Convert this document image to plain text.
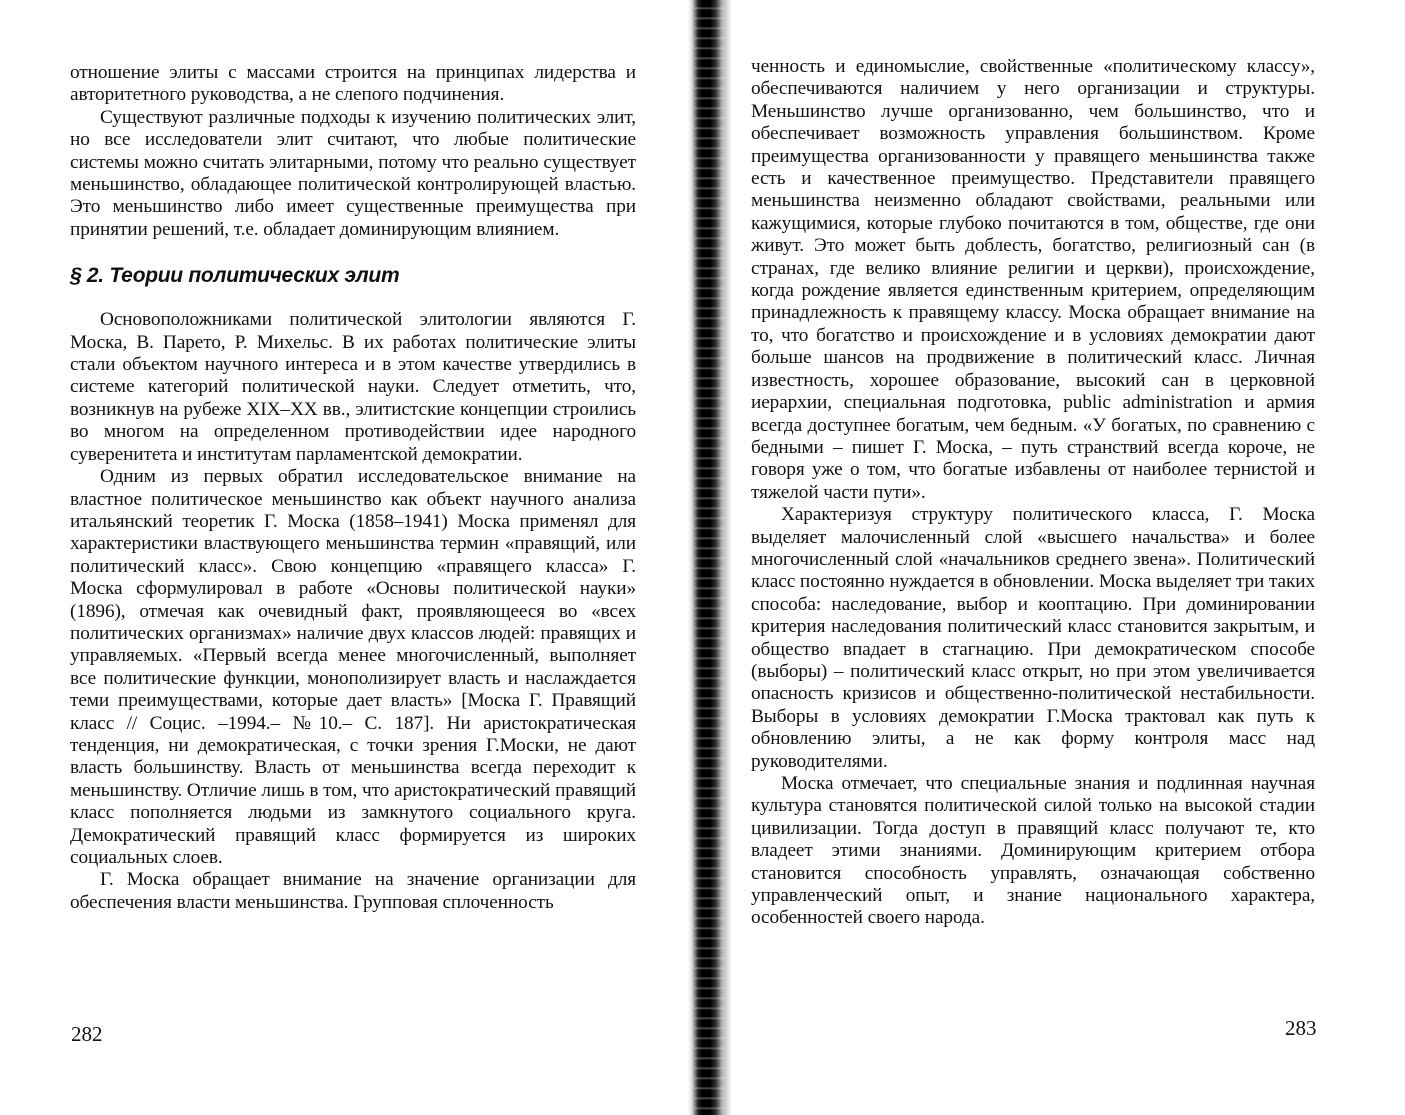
отношение элиты с массами строится на принципах лидерства и авторитетного руководства, а не слепого подчинения.

Существуют различные подходы к изучению политических элит, но все исследователи элит считают, что любые политические системы можно считать элитарными, потому что реально существует меньшинство, обладающее политической контролирующей властью. Это меньшинство либо имеет существенные преимущества при принятии решений, т.е. обладает доминирующим влиянием.

§ 2. Теории политических элит

Основоположниками политической элитологии являются Г. Моска, В. Парето, Р. Михельс. В их работах политические элиты стали объектом научного интереса и в этом качестве утвердились в системе категорий политической науки. Следует отметить, что, возникнув на рубеже XIX–XX вв., элитистские концепции строились во многом на определенном противодействии идее народного суверенитета и институтам парламентской демократии.

Одним из первых обратил исследовательское внимание на властное политическое меньшинство как объект научного анализа итальянский теоретик Г. Моска (1858–1941) Моска применял для характеристики властвующего меньшинства термин «правящий, или политический класс». Свою концепцию «правящего класса» Г. Моска сформулировал в работе «Основы политической науки» (1896), отмечая как очевидный факт, проявляющееся во «всех политических организмах» наличие двух классов людей: правящих и управляемых. «Первый всегда менее многочисленный, выполняет все политические функции, монополизирует власть и наслаждается теми преимуществами, которые дает власть» [Моска Г. Правящий класс // Социс. –1994.– №10.– С. 187]. Ни аристократическая тенденция, ни демократическая, с точки зрения Г.Моски, не дают власть большинству. Власть от меньшинства всегда переходит к меньшинству. Отличие лишь в том, что аристократический правящий класс пополняется людьми из замкнутого социального круга. Демократический правящий класс формируется из широких социальных слоев.

Г. Моска обращает внимание на значение организации для обеспечения власти меньшинства. Групповая сплоченность

282

ченность и единомыслие, свойственные «политическому классу», обеспечиваются наличием у него организации и структуры. Меньшинство лучше организованно, чем большинство, что и обеспечивает возможность управления большинством. Кроме преимущества организованности у правящего меньшинства также есть и качественное преимущество. Представители правящего меньшинства неизменно обладают свойствами, реальными или кажущимися, которые глубоко почитаются в том, обществе, где они живут. Это может быть доблесть, богатство, религиозный сан (в странах, где велико влияние религии и церкви), происхождение, когда рождение является единственным критерием, определяющим принадлежность к правящему классу. Моска обращает внимание на то, что богатство и происхождение и в условиях демократии дают больше шансов на продвижение в политический класс. Личная известность, хорошее образование, высокий сан в церковной иерархии, специальная подготовка, public administration и армия всегда доступнее богатым, чем бедным. «У богатых, по сравнению с бедными – пишет Г. Моска, – путь странствий всегда короче, не говоря уже о том, что богатые избавлены от наиболее тернистой и тяжелой части пути».

Характеризуя структуру политического класса, Г. Моска выделяет малочисленный слой «высшего начальства» и более многочисленный слой «начальников среднего звена». Политический класс постоянно нуждается в обновлении. Моска выделяет три таких способа: наследование, выбор и кооптацию. При доминировании критерия наследования политический класс становится закрытым, и общество впадает в стагнацию. При демократическом способе (выборы) – политический класс открыт, но при этом увеличивается опасность кризисов и общественно-политической нестабильности. Выборы в условиях демократии Г.Моска трактовал как путь к обновлению элиты, а не как форму контроля масс над руководителями.

Моска отмечает, что специальные знания и подлинная научная культура становятся политической силой только на высокой стадии цивилизации. Тогда доступ в правящий класс получают те, кто владеет этими знаниями. Доминирующим критерием отбора становится способность управлять, означающая собственно управленческий опыт, и знание национального характера, особенностей своего народа.

283
